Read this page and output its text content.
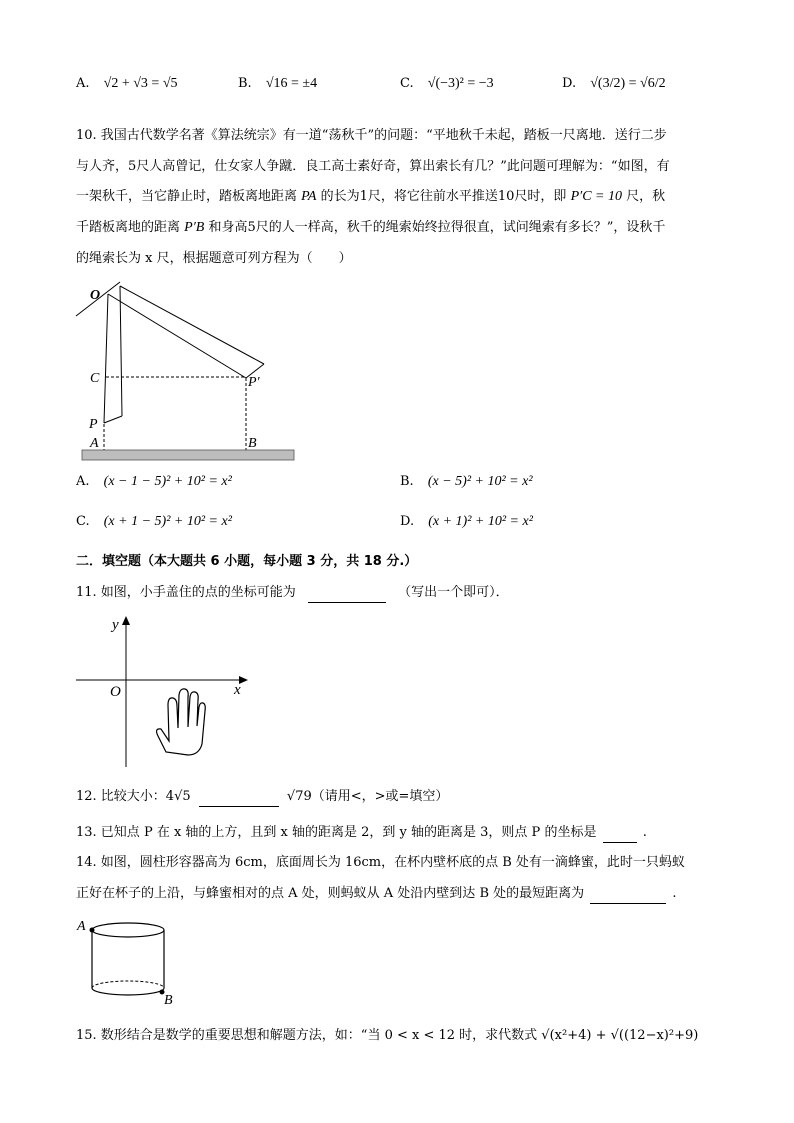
A. √2 + √3 = √5	B. √16 = ±4	C. √(−3)² = −3	D. √(3/2) = √6/2
10. 我国古代数学名著《算法统宗》有一道“荡秋千”的问题：“平地秋千未起，踏板一尺离地．送行二步
与人齐，5尺人高曾记，仕女家人争蹴．良工高士素好奇，算出索长有几？”此问题可理解为：“如图，有
一架秋千，当它静止时，踏板离地距离 PA 的长为1尺，将它往前水平推送10尺时，即 P′C = 10 尺，秋
千踏板离地的距离 P′B 和身高5尺的人一样高，秋千的绳索始终拉得很直，试问绳索有多长？”，设秋千
的绳索长为 x 尺，根据题意可列方程为（　　）
O
C
P
P′
A	B
A. (x − 1 − 5)² + 10² = x²	B. (x − 5)² + 10² = x²
C. (x + 1 − 5)² + 10² = x²	D. (x + 1)² + 10² = x²
二．填空题（本大题共 6 小题，每小题 3 分，共 18 分.）
11. 如图，小手盖住的点的坐标可能为	（写出一个即可）．
y
x
O
12. 比较大小：4√5	√79（请用<，>或=填空）
13. 已知点 P 在 x 轴的上方，且到 x 轴的距离是 2，到 y 轴的距离是 3，则点 P 的坐标是	.
14. 如图，圆柱形容器高为 6cm，底面周长为 16cm，在杯内壁杯底的点 B 处有一滴蜂蜜，此时一只蚂蚁
正好在杯子的上沿，与蜂蜜相对的点 A 处，则蚂蚁从 A 处沿内壁到达 B 处的最短距离为	.
A
B
15. 数形结合是数学的重要思想和解题方法，如：“当 0 < x < 12 时，求代数式 √(x²+4) + √((12−x)²+9)
